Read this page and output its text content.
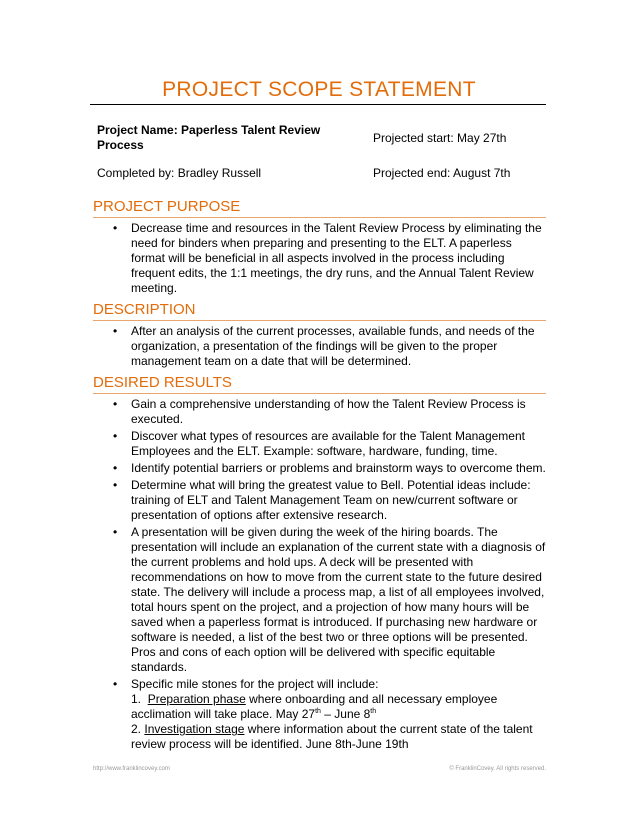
PROJECT SCOPE STATEMENT
Project Name: Paperless Talent Review Process	Projected start: May 27th
Completed by: Bradley Russell	Projected end: August 7th
PROJECT PURPOSE
• Decrease time and resources in the Talent Review Process by eliminating the need for binders when preparing and presenting to the ELT. A paperless format will be beneficial in all aspects involved in the process including frequent edits, the 1:1 meetings, the dry runs, and the Annual Talent Review meeting.
DESCRIPTION
• After an analysis of the current processes, available funds, and needs of the organization, a presentation of the findings will be given to the proper management team on a date that will be determined.
DESIRED RESULTS
• Gain a comprehensive understanding of how the Talent Review Process is executed.
• Discover what types of resources are available for the Talent Management Employees and the ELT. Example: software, hardware, funding, time.
• Identify potential barriers or problems and brainstorm ways to overcome them.
• Determine what will bring the greatest value to Bell. Potential ideas include: training of ELT and Talent Management Team on new/current software or presentation of options after extensive research.
• A presentation will be given during the week of the hiring boards. The presentation will include an explanation of the current state with a diagnosis of the current problems and hold ups. A deck will be presented with recommendations on how to move from the current state to the future desired state. The delivery will include a process map, a list of all employees involved, total hours spent on the project, and a projection of how many hours will be saved when a paperless format is introduced. If purchasing new hardware or software is needed, a list of the best two or three options will be presented. Pros and cons of each option will be delivered with specific equitable standards.
• Specific mile stones for the project will include:
1. Preparation phase where onboarding and all necessary employee acclimation will take place. May 27th – June 8th
2. Investigation stage where information about the current state of the talent review process will be identified. June 8th-June 19th
http://www.franklincovey.com	© FranklinCovey. All rights reserved.
